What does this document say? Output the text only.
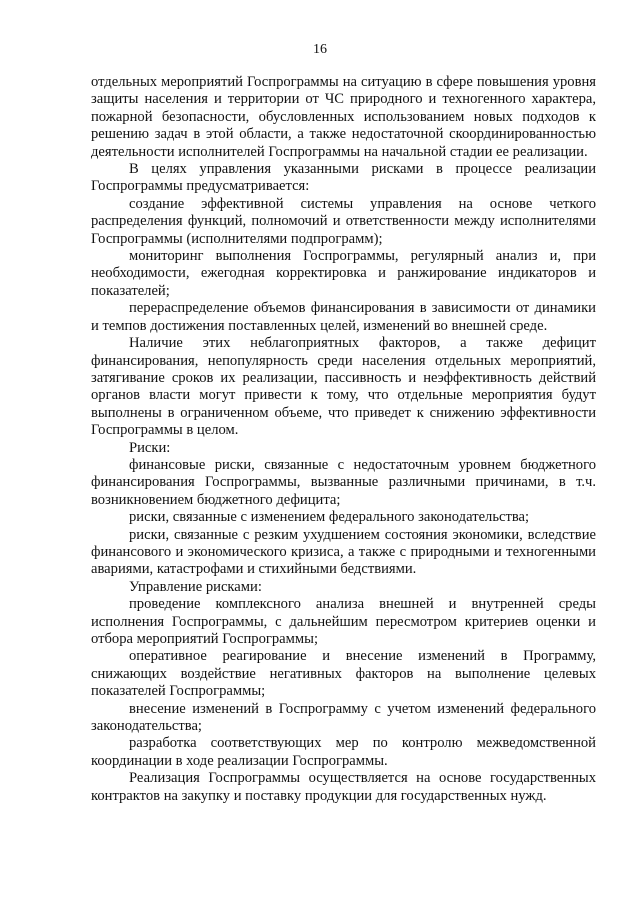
16

отдельных мероприятий Госпрограммы на ситуацию в сфере повышения уровня защиты населения и территории от ЧС природного и техногенного характера, пожарной безопасности, обусловленных использованием новых подходов к решению задач в этой области, а также недостаточной скоординированностью деятельности исполнителей Госпрограммы на начальной стадии ее реализации.

В целях управления указанными рисками в процессе реализации Госпрограммы предусматривается:

создание эффективной системы управления на основе четкого распределения функций, полномочий и ответственности между исполнителями Госпрограммы (исполнителями подпрограмм);

мониторинг выполнения Госпрограммы, регулярный анализ и, при необходимости, ежегодная корректировка и ранжирование индикаторов и показателей;

перераспределение объемов финансирования в зависимости от динамики и темпов достижения поставленных целей, изменений во внешней среде.

Наличие этих неблагоприятных факторов, а также дефицит финансирования, непопулярность среди населения отдельных мероприятий, затягивание сроков их реализации, пассивность и неэффективность действий органов власти могут привести к тому, что отдельные мероприятия будут выполнены в ограниченном объеме, что приведет к снижению эффективности Госпрограммы в целом.

Риски:

финансовые риски, связанные с недостаточным уровнем бюджетного финансирования Госпрограммы, вызванные различными причинами, в т.ч. возникновением бюджетного дефицита;

риски, связанные с изменением федерального законодательства;

риски, связанные с резким ухудшением состояния экономики, вследствие финансового и экономического кризиса, а также с природными и техногенными авариями, катастрофами и стихийными бедствиями.

Управление рисками:

проведение комплексного анализа внешней и внутренней среды исполнения Госпрограммы, с дальнейшим пересмотром критериев оценки и отбора мероприятий Госпрограммы;

оперативное реагирование и внесение изменений в Программу, снижающих воздействие негативных факторов на выполнение целевых показателей Госпрограммы;

внесение изменений в Госпрограмму с учетом изменений федерального законодательства;

разработка соответствующих мер по контролю межведомственной координации в ходе реализации Госпрограммы.

Реализация Госпрограммы осуществляется на основе государственных контрактов на закупку и поставку продукции для государственных нужд.
